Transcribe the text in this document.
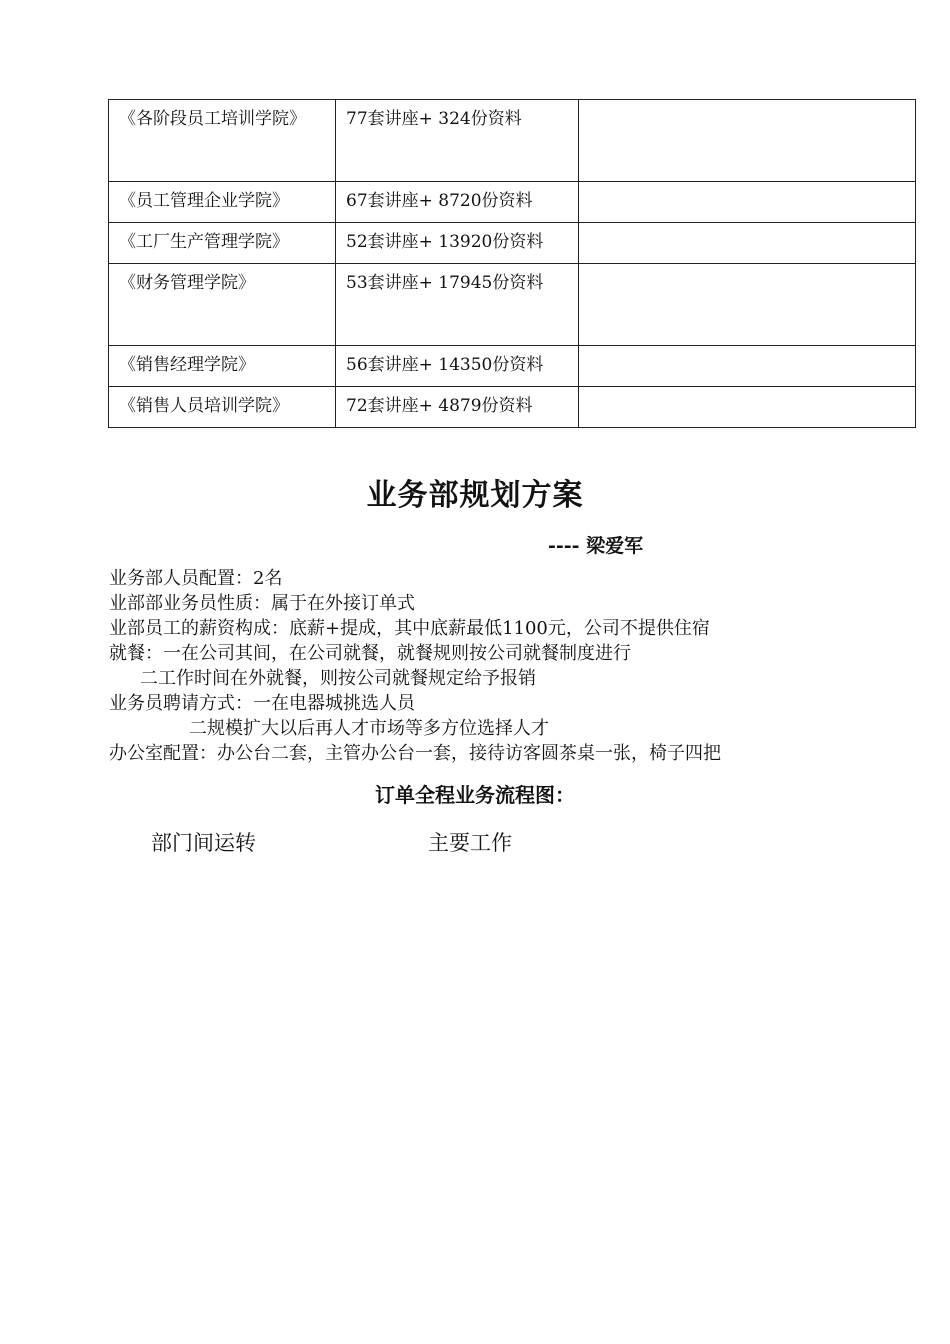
《各阶段员工培训学院》	77套讲座+ 324份资料	
《员工管理企业学院》	67套讲座+ 8720份资料	
《工厂生产管理学院》	52套讲座+ 13920份资料	
《财务管理学院》	53套讲座+ 17945份资料	
《销售经理学院》	56套讲座+ 14350份资料	
《销售人员培训学院》	72套讲座+ 4879份资料	
业务部规划方案
---- 梁爱军
业务部人员配置：2名
业部部业务员性质：属于在外接订单式
业部员工的薪资构成：底薪+提成，其中底薪最低1100元，公司不提供住宿
就餐：一在公司其间，在公司就餐，就餐规则按公司就餐制度进行
二工作时间在外就餐，则按公司就餐规定给予报销
业务员聘请方式：一在电器城挑选人员
二规模扩大以后再人才市场等多方位选择人才
办公室配置：办公台二套，主管办公台一套，接待访客圆茶桌一张，椅子四把
订单全程业务流程图：
部门间运转	主要工作
